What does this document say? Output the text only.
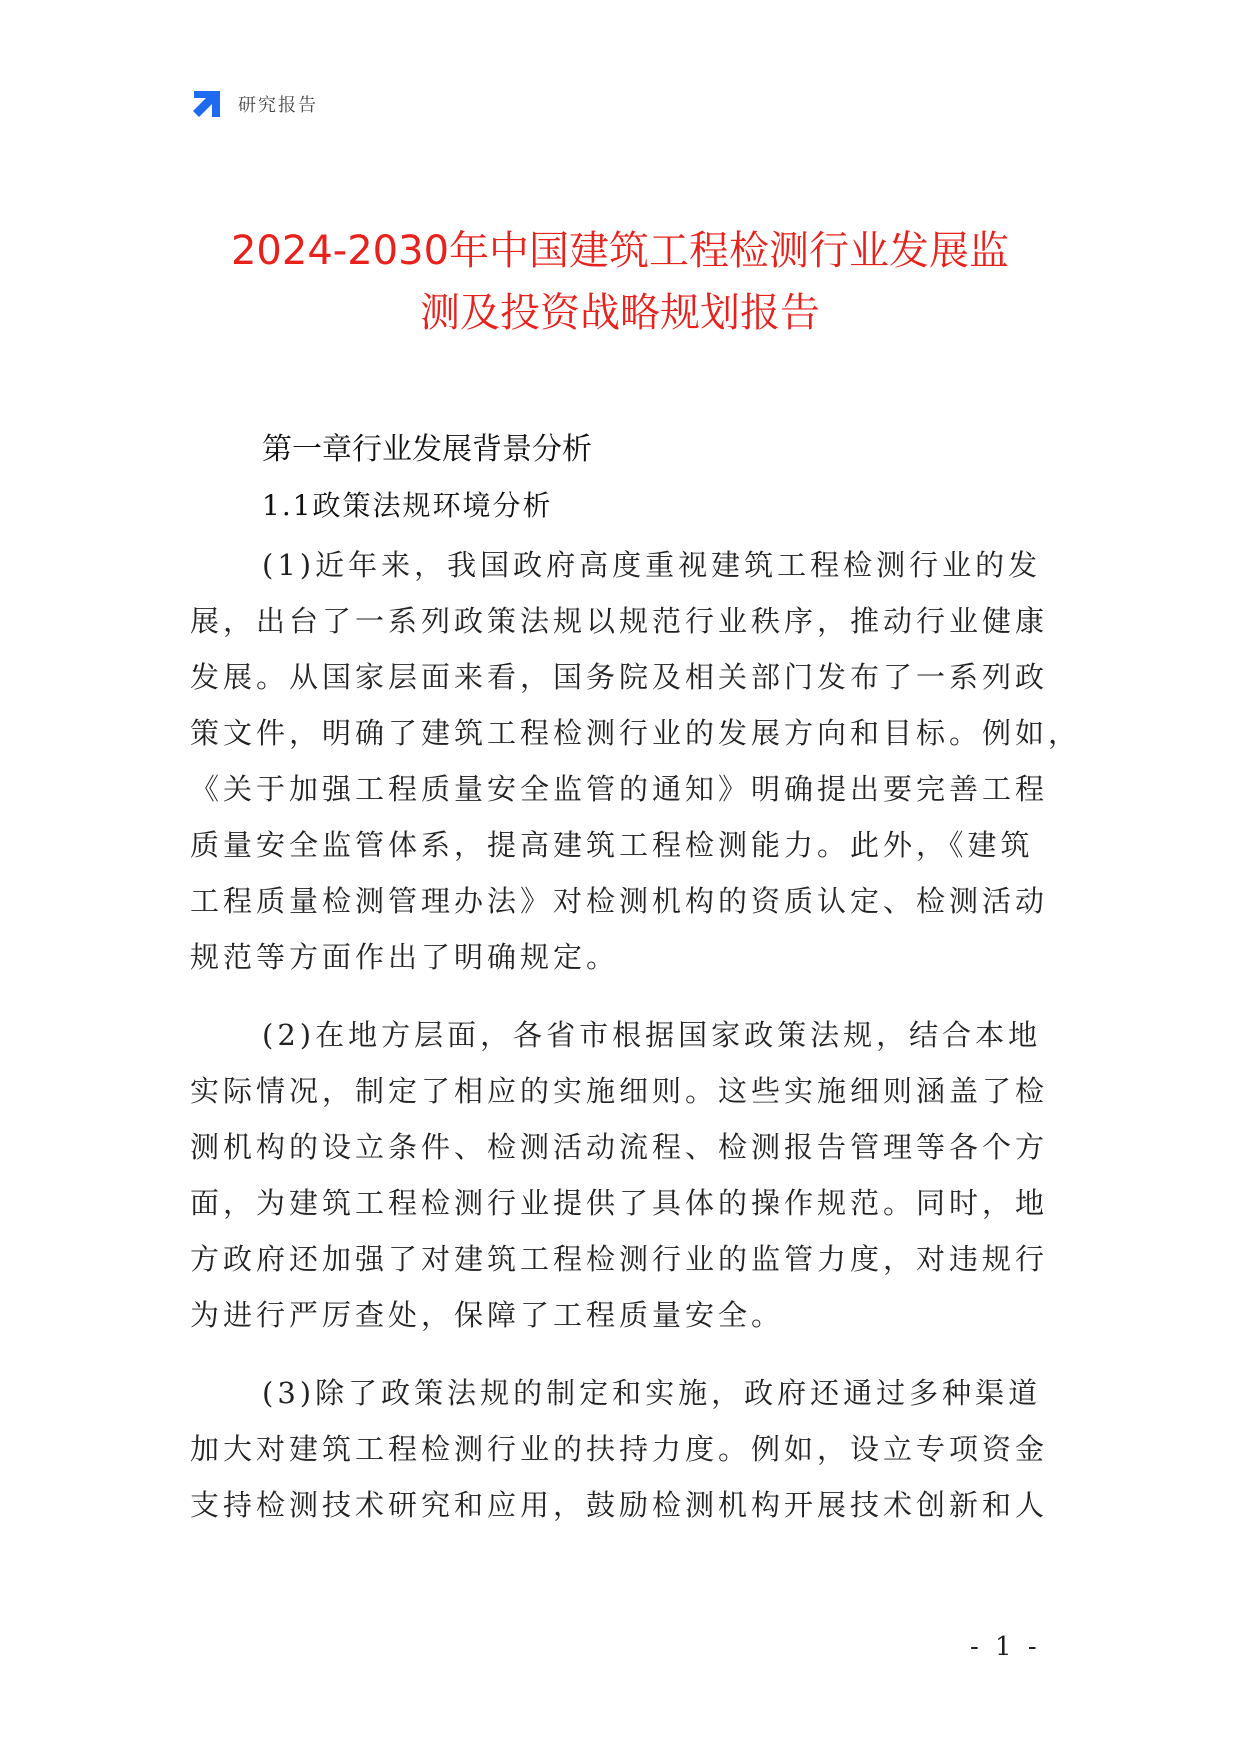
研究报告
2024-2030年中国建筑工程检测行业发展监
测及投资战略规划报告
第一章行业发展背景分析
1.1政策法规环境分析
(1)近年来，我国政府高度重视建筑工程检测行业的发
展，出台了一系列政策法规以规范行业秩序，推动行业健康
发展。从国家层面来看，国务院及相关部门发布了一系列政
策文件，明确了建筑工程检测行业的发展方向和目标。例如，
《关于加强工程质量安全监管的通知》明确提出要完善工程
质量安全监管体系，提高建筑工程检测能力。此外，《建筑
工程质量检测管理办法》对检测机构的资质认定、检测活动
规范等方面作出了明确规定。
(2)在地方层面，各省市根据国家政策法规，结合本地
实际情况，制定了相应的实施细则。这些实施细则涵盖了检
测机构的设立条件、检测活动流程、检测报告管理等各个方
面，为建筑工程检测行业提供了具体的操作规范。同时，地
方政府还加强了对建筑工程检测行业的监管力度，对违规行
为进行严厉查处，保障了工程质量安全。
(3)除了政策法规的制定和实施，政府还通过多种渠道
加大对建筑工程检测行业的扶持力度。例如，设立专项资金
支持检测技术研究和应用，鼓励检测机构开展技术创新和人
- 1 -
